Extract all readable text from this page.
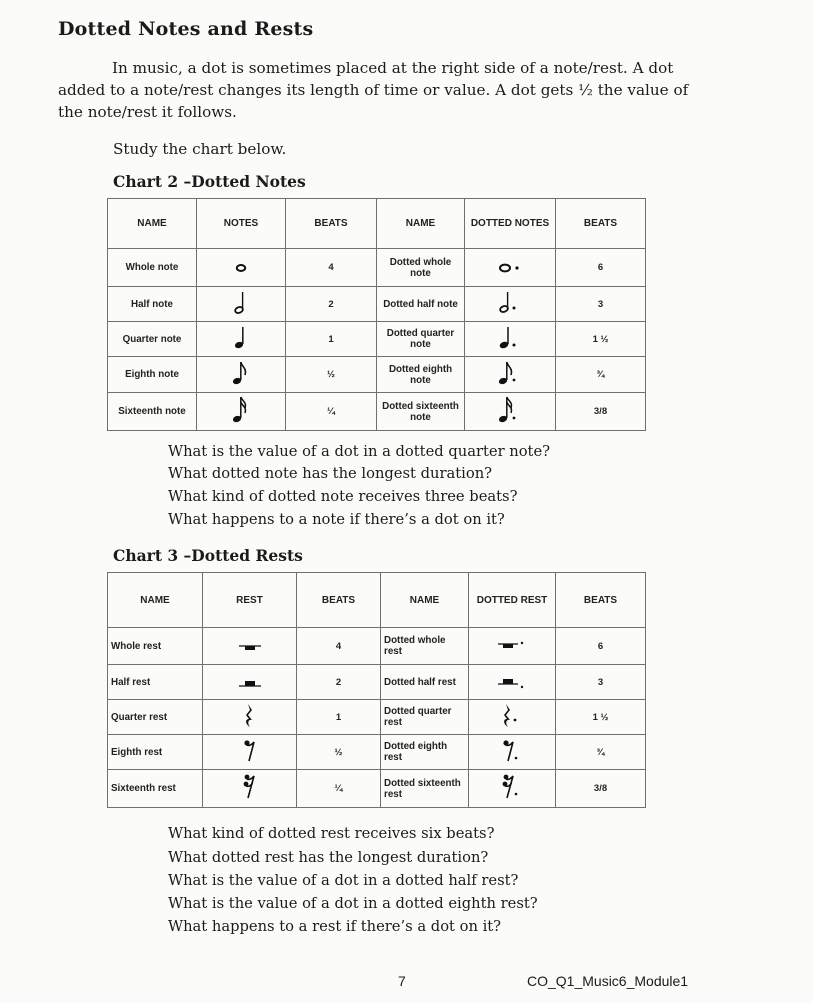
Dotted Notes and Rests
In music, a dot is sometimes placed at the right side of a note/rest. A dot
added to a note/rest changes its length of time or value. A dot gets ½ the value of
the note/rest it follows.
Study the chart below.
Chart 2 –Dotted Notes
NAME	NOTES	BEATS	NAME	DOTTED NOTES	BEATS
Whole note		4	Dotted whole note		6
Half note		2	Dotted half note		3
Quarter note		1	Dotted quarter note		1 ½
Eighth note		½	Dotted eighth note		¾
Sixteenth note		¼	Dotted sixteenth note		3/8
What is the value of a dot in a dotted quarter note?
What dotted note has the longest duration?
What kind of dotted note receives three beats?
What happens to a note if there’s a dot on it?
Chart 3 –Dotted Rests
NAME	REST	BEATS	NAME	DOTTED REST	BEATS
Whole rest		4	Dotted whole rest		6
Half rest		2	Dotted half rest		3
Quarter rest		1	Dotted quarter rest		1 ½
Eighth rest		½	Dotted eighth rest		¾
Sixteenth rest		¼	Dotted sixteenth rest		3/8
What kind of dotted rest receives six beats?
What dotted rest has the longest duration?
What is the value of a dot in a dotted half rest?
What is the value of a dot in a dotted eighth rest?
What happens to a rest if there’s a dot on it?
7	CO_Q1_Music6_Module1
